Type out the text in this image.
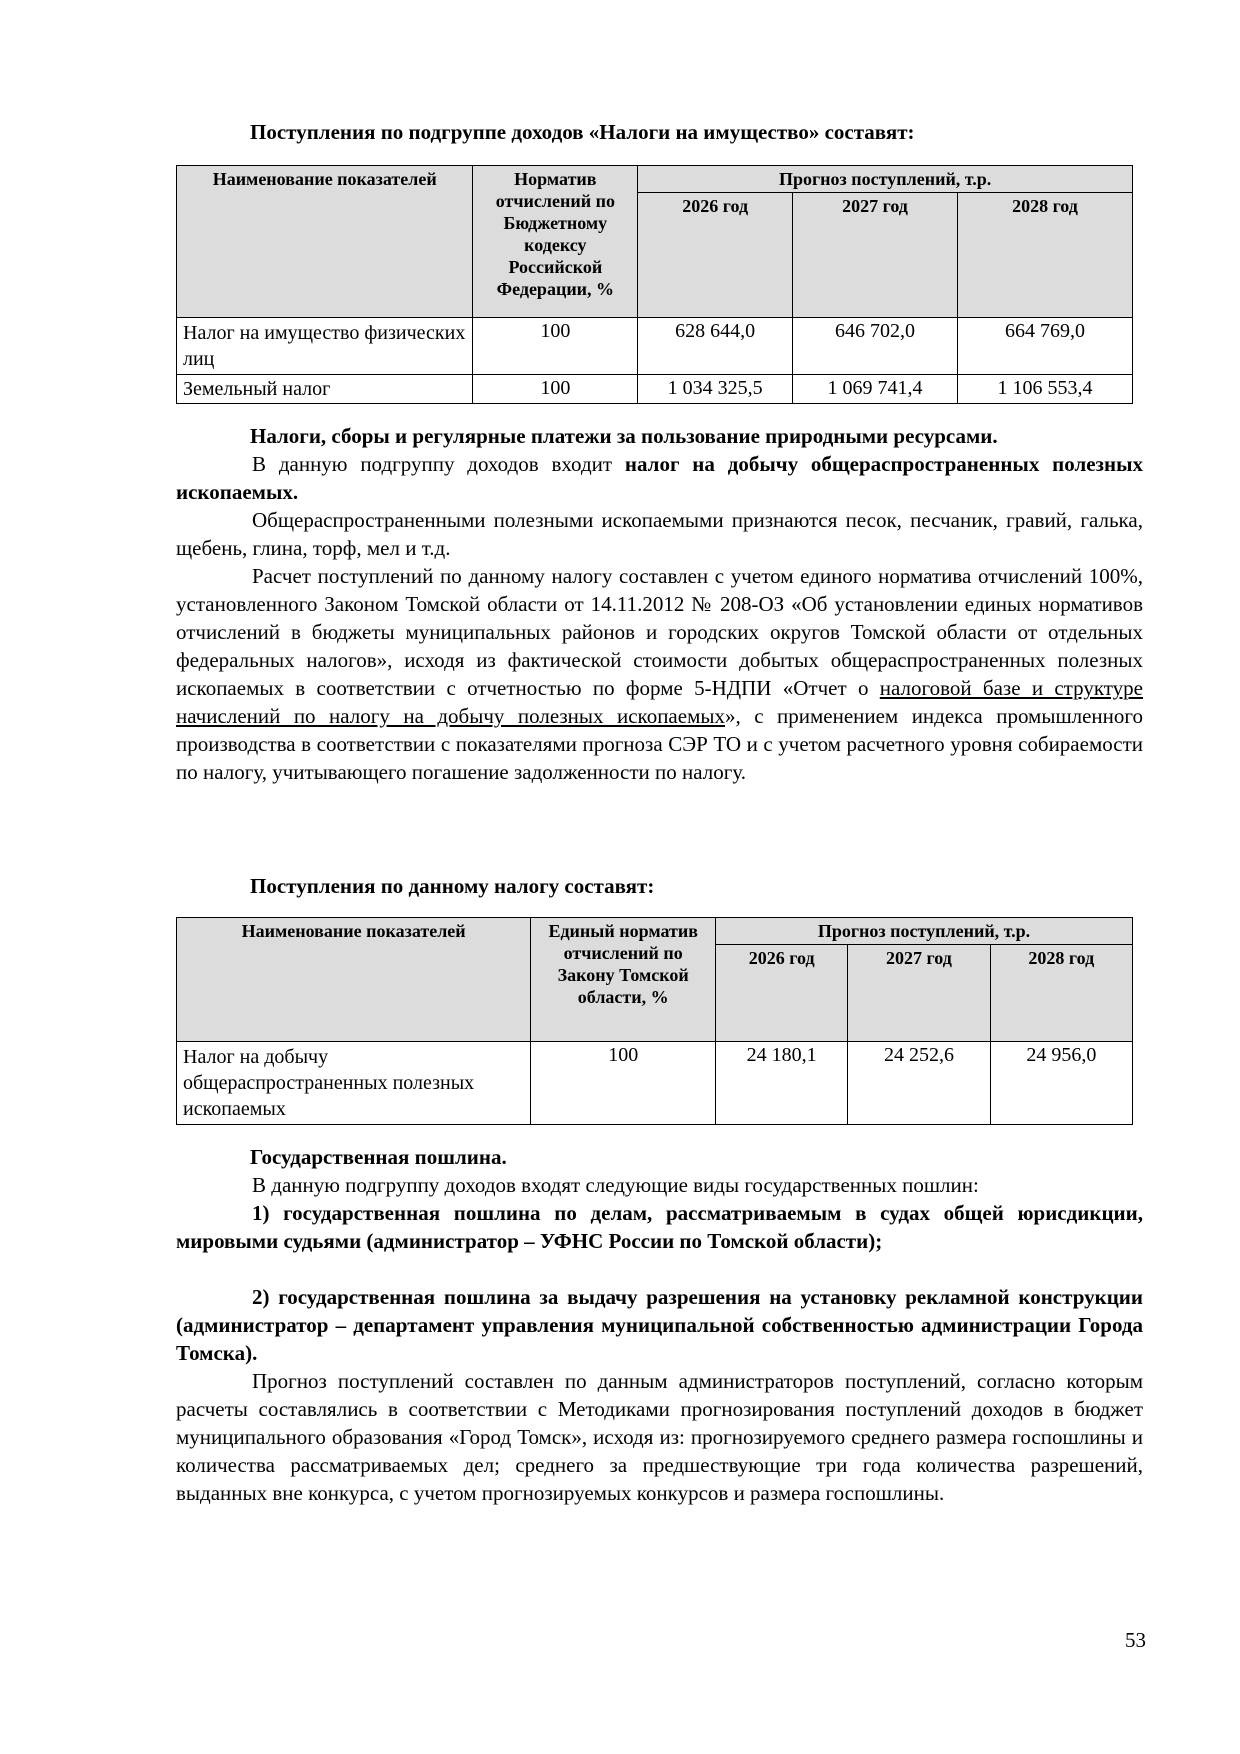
Поступления по подгруппе доходов «Налоги на имущество» составят:
Наименование показателей	Норматив отчислений по Бюджетному кодексу Российской Федерации, %	Прогноз поступлений, т.р.		
		2026 год	2027 год	2028 год
Налог на имущество физических лиц	100	628 644,0	646 702,0	664 769,0
Земельный налог	100	1 034 325,5	1 069 741,4	1 106 553,4
Налоги, сборы и регулярные платежи за пользование природными ресурсами.

В данную подгруппу доходов входит налог на добычу общераспространенных полезных ископаемых.

Общераспространенными полезными ископаемыми признаются песок, песчаник, гравий, галька, щебень, глина, торф, мел и т.д.

Расчет поступлений по данному налогу составлен с учетом единого норматива отчислений 100%, установленного Законом Томской области от 14.11.2012 № 208-ОЗ «Об установлении единых нормативов отчислений в бюджеты муниципальных районов и городских округов Томской области от отдельных федеральных налогов», исходя из фактической стоимости добытых общераспространенных полезных ископаемых в соответствии с отчетностью по форме 5-НДПИ «Отчет о налоговой базе и структуре начислений по налогу на добычу полезных ископаемых», с применением индекса промышленного производства в соответствии с показателями прогноза СЭР ТО и с учетом расчетного уровня собираемости по налогу, учитывающего погашение задолженности по налогу.

Поступления по данному налогу составят:
Наименование показателей	Единый норматив отчислений по Закону Томской области, %	Прогноз поступлений, т.р.		
		2026 год	2027 год	2028 год
Налог на добычу общераспространенных полезных ископаемых	100	24 180,1	24 252,6	24 956,0
Государственная пошлина.

В данную подгруппу доходов входят следующие виды государственных пошлин:

1) государственная пошлина по делам, рассматриваемым в судах общей юрисдикции, мировыми судьями (администратор – УФНС России по Томской области);

2) государственная пошлина за выдачу разрешения на установку рекламной конструкции (администратор – департамент управления муниципальной собственностью администрации Города Томска).

Прогноз поступлений составлен по данным администраторов поступлений, согласно которым расчеты составлялись в соответствии с Методиками прогнозирования поступлений доходов в бюджет муниципального образования «Город Томск», исходя из: прогнозируемого среднего размера госпошлины и количества рассматриваемых дел; среднего за предшествующие три года количества разрешений, выданных вне конкурса, с учетом прогнозируемых конкурсов и размера госпошлины.

53
